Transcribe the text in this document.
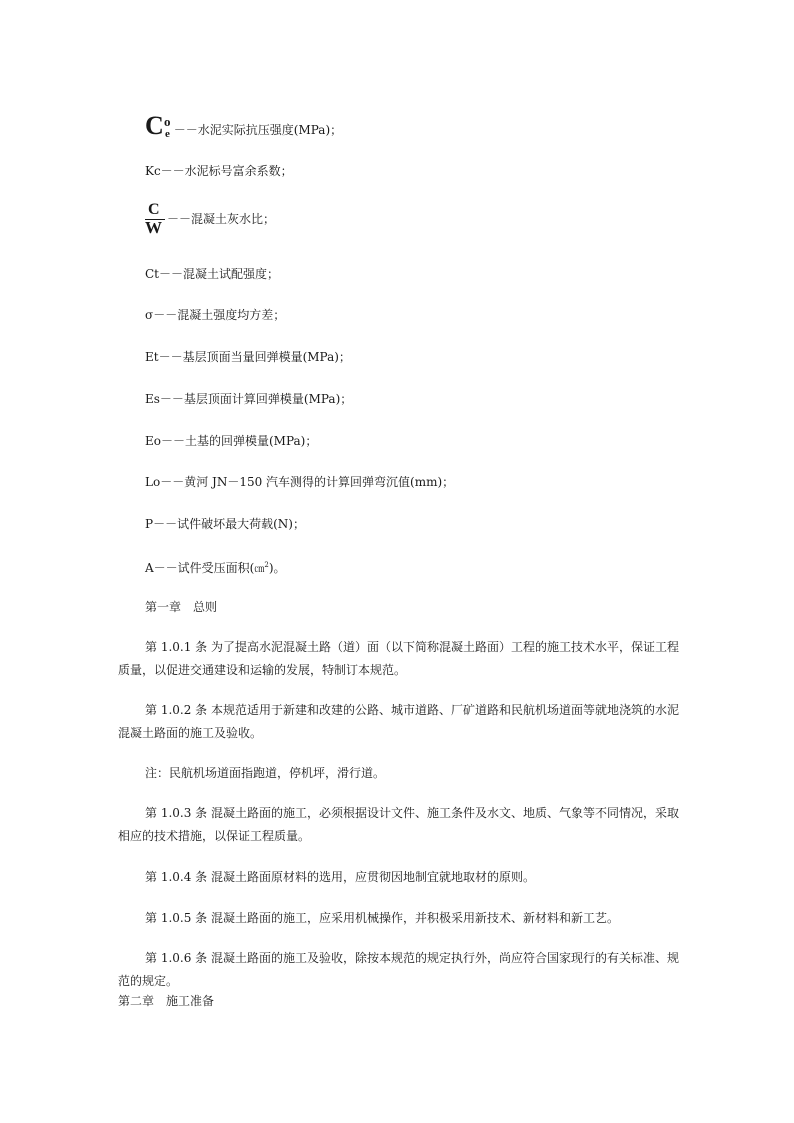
C o
e －－水泥实际抗压强度(MPa)；
Kc－－水泥标号富余系数；
$\frac{C}{W}$ －－混凝土灰水比；
Ct－－混凝土试配强度；
σ－－混凝土强度均方差；
Et－－基层顶面当量回弹模量(MPa)；
Es－－基层顶面计算回弹模量(MPa)；
Eo－－土基的回弹模量(MPa)；
Lo－－黄河 JN－150 汽车测得的计算回弹弯沉值(mm)；
P－－试件破坏最大荷载(N)；
A－－试件受压面积(㎝$^2$)。
第一章　总则
第 1.0.1 条 为了提高水泥混凝土路（道）面（以下简称混凝土路面）工程的施工技术水平，保证工程质量，以促进交通建设和运输的发展，特制订本规范。
第 1.0.2 条 本规范适用于新建和改建的公路、城市道路、厂矿道路和民航机场道面等就地浇筑的水泥混凝土路面的施工及验收。
注：民航机场道面指跑道，停机坪，滑行道。
第 1.0.3 条 混凝土路面的施工，必须根据设计文件、施工条件及水文、地质、气象等不同情况，采取相应的技术措施，以保证工程质量。
第 1.0.4 条 混凝土路面原材料的选用，应贯彻因地制宜就地取材的原则。
第 1.0.5 条 混凝土路面的施工，应采用机械操作，并积极采用新技术、新材料和新工艺。
第 1.0.6 条 混凝土路面的施工及验收，除按本规范的规定执行外，尚应符合国家现行的有关标准、规范的规定。
第二章　施工准备
